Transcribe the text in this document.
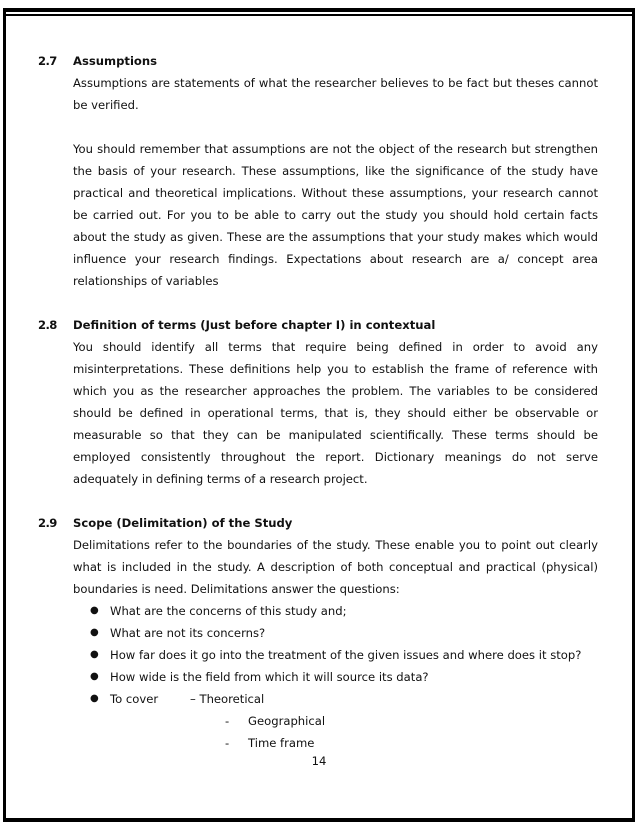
2.7	Assumptions

Assumptions are statements of what the researcher believes to be fact but theses cannot be verified.

You should remember that assumptions are not the object of the research but strengthen the basis of your research. These assumptions, like the significance of the study have practical and theoretical implications. Without these assumptions, your research cannot be carried out. For you to be able to carry out the study you should hold certain facts about the study as given. These are the assumptions that your study makes which would influence your research findings. Expectations about research are a/ concept area relationships of variables

2.8	Definition of terms (Just before chapter I) in contextual

You should identify all terms that require being defined in order to avoid any misinterpretations. These definitions help you to establish the frame of reference with which you as the researcher approaches the problem. The variables to be considered should be defined in operational terms, that is, they should either be observable or measurable so that they can be manipulated scientifically. These terms should be employed consistently throughout the report. Dictionary meanings do not serve adequately in defining terms of a research project.

2.9	Scope (Delimitation) of the Study

Delimitations refer to the boundaries of the study. These enable you to point out clearly what is included in the study. A description of both conceptual and practical (physical) boundaries is need. Delimitations answer the questions:

● What are the concerns of this study and;
● What are not its concerns?
● How far does it go into the treatment of the given issues and where does it stop?
● How wide is the field from which it will source its data?
● To cover	– Theoretical
-	Geographical
-	Time frame
14
